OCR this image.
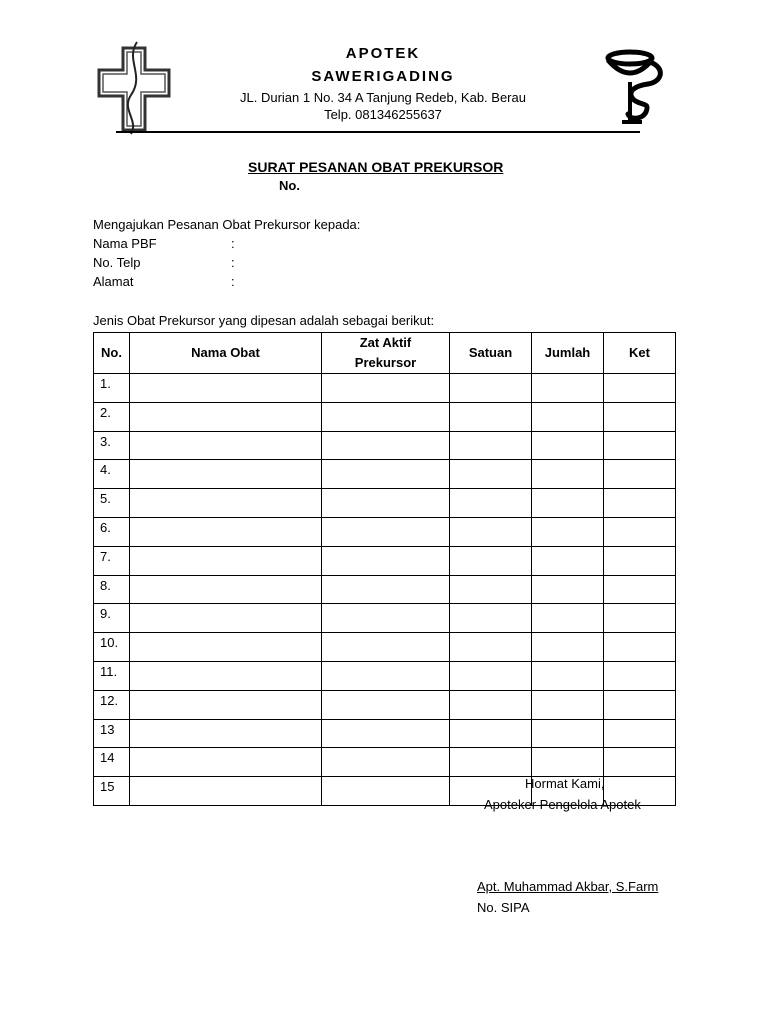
APOTEK
SAWERIGADING
JL. Durian 1 No. 34 A Tanjung Redeb, Kab. Berau
Telp. 081346255637
SURAT PESANAN OBAT PREKURSOR
No.
Mengajukan Pesanan Obat Prekursor kepada:
Nama PBF	:
No. Telp	:
Alamat	:
Jenis Obat Prekursor yang dipesan adalah sebagai berikut:
No.	Nama Obat	Zat Aktif Prekursor	Satuan	Jumlah	Ket
1.					
2.					
3.					
4.					
5.					
6.					
7.					
8.					
9.					
10.					
11.					
12.					
13					
14					
15						Hormat Kami,
Apoteker Pengelola Apotek
Apt. Muhammad Akbar, S.Farm
No. SIPA
